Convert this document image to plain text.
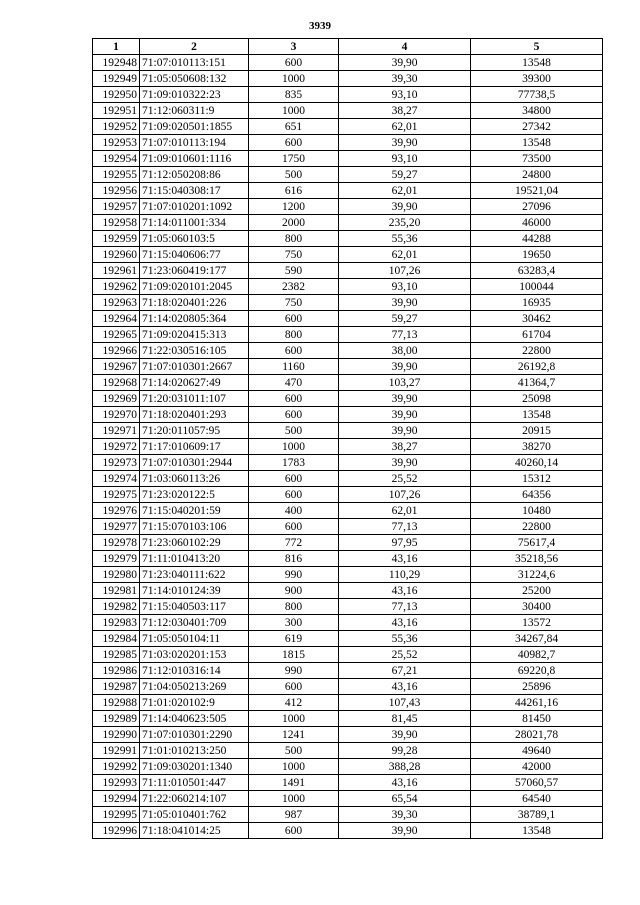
3939
1	2	3	4	5
192948	71:07:010113:151	600	39,90	13548
192949	71:05:050608:132	1000	39,30	39300
192950	71:09:010322:23	835	93,10	77738,5
192951	71:12:060311:9	1000	38,27	34800
192952	71:09:020501:1855	651	62,01	27342
192953	71:07:010113:194	600	39,90	13548
192954	71:09:010601:1116	1750	93,10	73500
192955	71:12:050208:86	500	59,27	24800
192956	71:15:040308:17	616	62,01	19521,04
192957	71:07:010201:1092	1200	39,90	27096
192958	71:14:011001:334	2000	235,20	46000
192959	71:05:060103:5	800	55,36	44288
192960	71:15:040606:77	750	62,01	19650
192961	71:23:060419:177	590	107,26	63283,4
192962	71:09:020101:2045	2382	93,10	100044
192963	71:18:020401:226	750	39,90	16935
192964	71:14:020805:364	600	59,27	30462
192965	71:09:020415:313	800	77,13	61704
192966	71:22:030516:105	600	38,00	22800
192967	71:07:010301:2667	1160	39,90	26192,8
192968	71:14:020627:49	470	103,27	41364,7
192969	71:20:031011:107	600	39,90	25098
192970	71:18:020401:293	600	39,90	13548
192971	71:20:011057:95	500	39,90	20915
192972	71:17:010609:17	1000	38,27	38270
192973	71:07:010301:2944	1783	39,90	40260,14
192974	71:03:060113:26	600	25,52	15312
192975	71:23:020122:5	600	107,26	64356
192976	71:15:040201:59	400	62,01	10480
192977	71:15:070103:106	600	77,13	22800
192978	71:23:060102:29	772	97,95	75617,4
192979	71:11:010413:20	816	43,16	35218,56
192980	71:23:040111:622	990	110,29	31224,6
192981	71:14:010124:39	900	43,16	25200
192982	71:15:040503:117	800	77,13	30400
192983	71:12:030401:709	300	43,16	13572
192984	71:05:050104:11	619	55,36	34267,84
192985	71:03:020201:153	1815	25,52	40982,7
192986	71:12:010316:14	990	67,21	69220,8
192987	71:04:050213:269	600	43,16	25896
192988	71:01:020102:9	412	107,43	44261,16
192989	71:14:040623:505	1000	81,45	81450
192990	71:07:010301:2290	1241	39,90	28021,78
192991	71:01:010213:250	500	99,28	49640
192992	71:09:030201:1340	1000	388,28	42000
192993	71:11:010501:447	1491	43,16	57060,57
192994	71:22:060214:107	1000	65,54	64540
192995	71:05:010401:762	987	39,30	38789,1
192996	71:18:041014:25	600	39,90	13548
